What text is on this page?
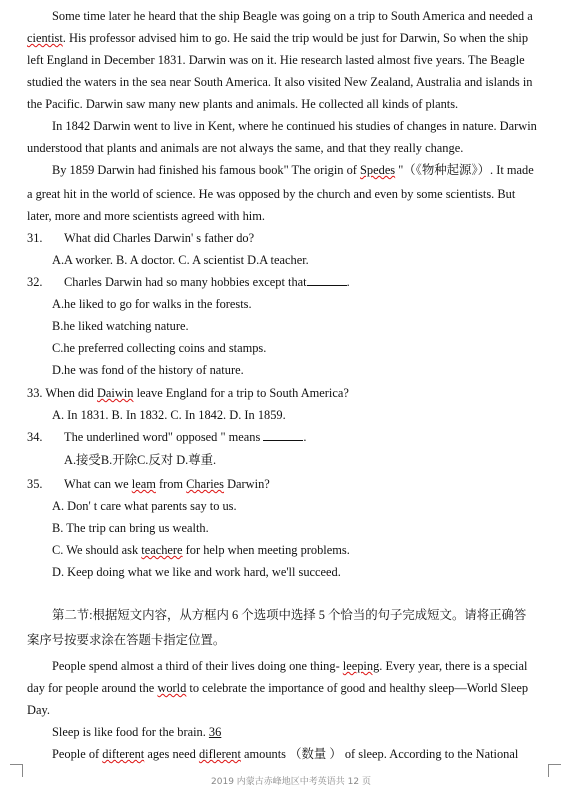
Some time later he heard that the ship Beagle was going on a trip to South America and needed a
cientist. His professor advised him to go. He said the trip would be just for Darwin, So when the ship
left England in December 1831. Darwin was on it. Hie research lasted almost five years. The Beagle
studied the waters in the sea near South America. It also visited New Zealand, Australia and islands in
the Pacific. Darwin saw many new plants and animals. He collected all kinds of plants.
In 1842 Darwin went to live in Kent, where he continued his studies of changes in nature. Darwin
understood that plants and animals are not always the same, and that they really change.
By 1859 Darwin had finished his famous book" The origin of Spedes "（《物种起源》）. It made
a great hit in the world of science. He was opposed by the church and even by some scientists. But
later, more and more scientists agreed with him.
31. What did Charles Darwin' s father do?
A.A worker. B. A doctor. C. A scientist D.A teacher.
32. Charles Darwin had so many hobbies except that	.
A.he liked to go for walks in the forests.
B.he liked watching nature.
C.he preferred collecting coins and stamps.
D.he was fond of the history of nature.
33. When did Daiwin leave England for a trip to South America?
A. In 1831. B. In 1832. C. In 1842. D. In 1859.
34. The underlined word" opposed " means	.
A.接受B.开除C.反对 D.尊重.
35. What can we leam from Charies Darwin?
A. Don' t care what parents say to us.
B. The trip can bring us wealth.
C. We should ask teachere for help when meeting problems.
D. Keep doing what we like and work hard, we'll succeed.
第二节:根据短文内容，从方框内 6 个选项中选择 5 个恰当的句子完成短文。请将正确答
案序号按要求涂在答题卡指定位置。
People spend almost a third of their lives doing one thing- leeping. Every year, there is a special
day for people around the world to celebrate the importance of good and healthy sleep—World Sleep
Day.
Sleep is like food for the brain. 36
People of difterent ages need diflerent amounts （数量 ） of sleep. According to the National
2019 内蒙古赤峰地区中考英语共 12 页
